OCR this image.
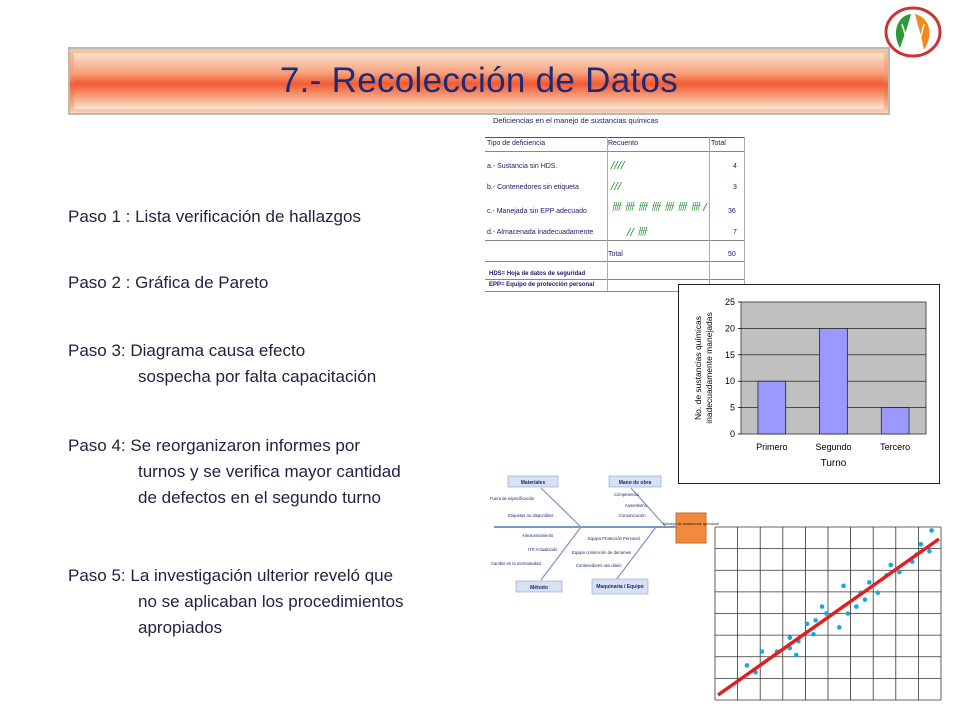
7.- Recolección de Datos
Paso 1 : Lista verificación de hallazgos
Paso 2 : Gráfica de Pareto
Paso 3: Diagrama causa efecto
sospecha por falta capacitación
Paso 4: Se reorganizaron informes por
turnos y se verifica mayor cantidad
de defectos en el segundo turno
Paso 5: La investigación ulterior reveló que
no se aplicaban los procedimientos
apropiados
Deficiencias en el manejo de sustancias químicas
Tipo de deficiencia	Recuento	Total
a.- Sustancia sin HDS.	////	4
b.- Contenedores sin etiqueta	///	3
c.- Manejada sin EPP adecuado 卌 卌 卌 卌 卌 卌 卌 /	36
d.- Almacenada inadecuadamente	// 卌	7
Total	50
HDS= Hoja de datos de seguridad
EPP= Equipo de protección personal
0
5
10
15
20
25
Primero	Segundo	Tercero
Turno
No. de sustancias químicas inadecuadamente manejadas
Materiales	Mano de obra
Método	Maquinaria / Equipo
Manejo de sustancias químicas
Fuera de especificación
Etiquetas no disponibles
Competencia
Ausentismo
Comunicación
Almacenamiento
ITR Actualizado
Cambio en la normatividad
Equipo Protección Personal
Equipo contención de derrames
Contenedores uso diario
